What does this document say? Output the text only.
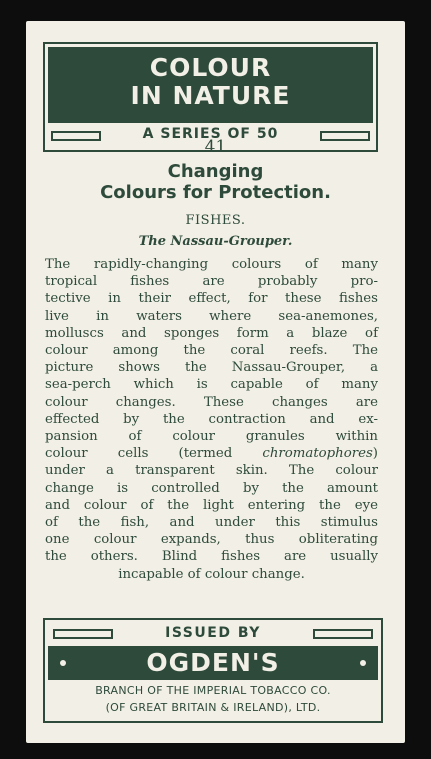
COLOUR
IN NATURE
A SERIES OF 50
41
Changing
Colours for Protection.
FISHES.
The Nassau-Grouper.
The rapidly-changing colours of many
tropical fishes are probably pro-
tective in their effect, for these fishes
live in waters where sea-anemones,
molluscs and sponges form a blaze of
colour among the coral reefs. The
picture shows the Nassau-Grouper, a
sea-perch which is capable of many
colour changes. These changes are
effected by the contraction and ex-
pansion of colour granules within
colour cells (termed chromatophores)
under a transparent skin. The colour
change is controlled by the amount
and colour of the light entering the eye
of the fish, and under this stimulus
one colour expands, thus obliterating
the others. Blind fishes are usually
incapable of colour change.
ISSUED BY
OGDEN'S
BRANCH OF THE IMPERIAL TOBACCO CO.
(OF GREAT BRITAIN & IRELAND), LTD.
